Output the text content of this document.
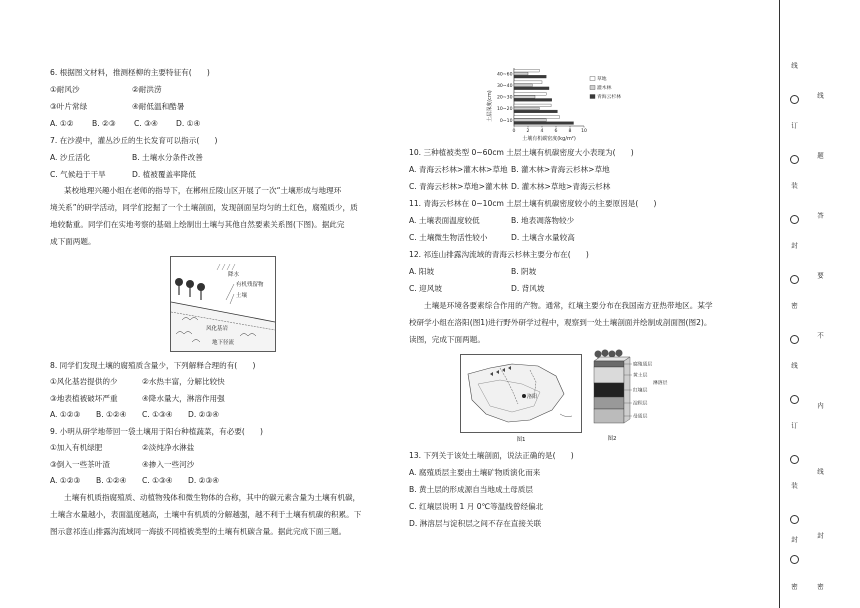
6. 根据图文材料，推测柽柳的主要特征有(　　)
①耐风沙	②耐洪涝
③叶片常绿	④耐低温和酷暑
A. ①② B. ②③ C. ③④ D. ①④
7. 在沙漠中，灌丛沙丘的生长发育可以指示(　　)
A. 沙丘活化	B. 土壤水分条件改善
C. 气候趋于干旱	D. 植被覆盖率降低
某校地理兴趣小组在老师的指导下，在郴州丘陵山区开展了一次“土壤形成与地理环
境关系”的研学活动，同学们挖掘了一个土壤剖面，发现剖面呈均匀的土红色，腐殖质少，质
地较黏重。同学们在实地考察的基础上绘制出土壤与其他自然要素关系图(下图)。据此完
成下面两题。
降水
有机残留物
土壤
风化基岩
地下径流
8. 同学们发现土壤的腐殖质含量少，下列解释合理的有(　　)
①风化基岩提供的少	②水热丰富，分解比较快
③地表植被破坏严重	④降水量大，淋溶作用强
A. ①②③ B. ①②④ C. ①③④ D. ②③④
9. 小明从研学地带回一袋土壤用于阳台种植蔬菜，有必要(　　)
①加入有机绿肥	②淡纯净水淋盐
③倒入一些茶叶渣	④掺入一些河沙
A. ①②③ B. ①②④ C. ①③④ D. ②③④
土壤有机质指腐殖质、动植物残体和微生物体的合称，其中的碳元素含量为土壤有机碳，
土壤含水量越小，表面温度越高，土壤中有机质的分解越强，越不利于土壤有机碳的积累。下
图示意祁连山排露沟流域同一海拔不同植被类型的土壤有机碳含量。据此完成下面三题。
土层深度(cm)
土壤有机碳密度(kg/m²)
0 2 4 6 8 10
40~60
30~40
20~30
10~20
0~10
草地
灌木林
青海云杉林
10. 三种植被类型 0~60cm 土层土壤有机碳密度大小表现为(　　)
A. 青海云杉林>灌木林>草地 B. 灌木林>青海云杉林>草地
C. 青海云杉林>草地>灌木林 D. 灌木林>草地>青海云杉林
11. 青海云杉林在 0~10cm 土层土壤有机碳密度较小的主要原因是(　　)
A. 土壤表面温度较低	B. 地表凋落物较少
C. 土壤微生物活性较小	D. 土壤含水量较高
12. 祁连山排露沟流域的青海云杉林主要分布在(　　)
A. 阳坡	B. 阴坡
C. 迎风坡	D. 背风坡
土壤是环境各要素综合作用的产物。通常，红壤主要分布在我国南方亚热带地区。某学
校研学小组在洛阳(图1)进行野外研学过程中，观察到一处土壤剖面并绘制成剖面图(图2)。
读图，完成下面两题。
洛阳
图1
腐殖质层
黄土层
红壤层
淀积层
母质层
淋溶层
图2
13. 下列关于该处土壤剖面，说法正确的是(　　)
A. 腐殖质层主要由土壤矿物质演化而来
B. 黄土层的形成源自当地成土母质层
C. 红壤层说明 1 月 0℃等温线曾经偏北
D. 淋溶层与淀积层之间不存在直接关联
线
订
装
封
密
线
订
装
封
密
线
题
答
要
不
内
线
封
密
